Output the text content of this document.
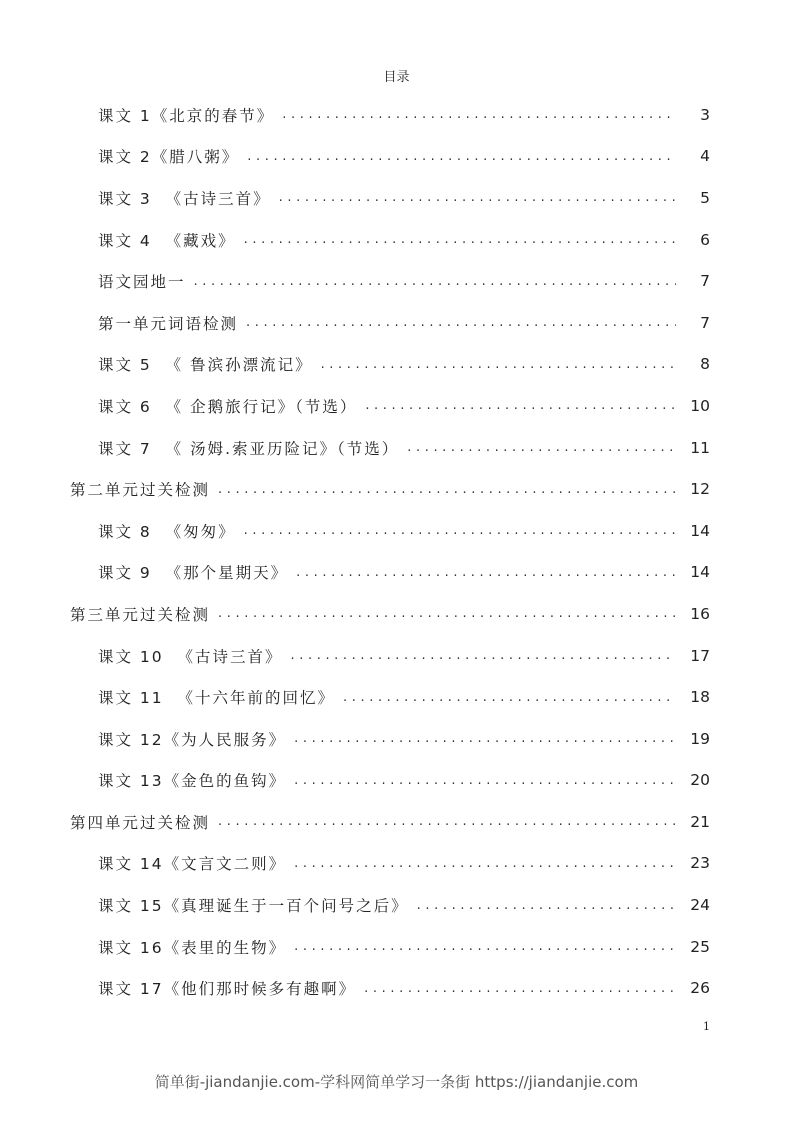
目录
课文 1《北京的春节》 .....	3
课文 2《腊八粥》 .....	4
课文 3  《古诗三首》 .....	5
课文 4  《藏戏》 .....	6
语文园地一 .....	7
第一单元词语检测 .....	7
课文 5  《 鲁滨孙漂流记》 .....	8
课文 6  《 企鹅旅行记》（节选） .....	10
课文 7  《 汤姆.索亚历险记》（节选） .....	11
第二单元过关检测 .....	12
课文 8  《匆匆》 .....	14
课文 9  《那个星期天》 .....	14
第三单元过关检测 .....	16
课文 10  《古诗三首》 .....	17
课文 11  《十六年前的回忆》 .....	18
课文 12《为人民服务》 .....	19
课文 13《金色的鱼钩》 .....	20
第四单元过关检测 .....	21
课文 14《文言文二则》 .....	23
课文 15《真理诞生于一百个问号之后》 .....	24
课文 16《表里的生物》 .....	25
课文 17《他们那时候多有趣啊》 .....	26
1
简单街-jiandanjie.com-学科网简单学习一条街 https://jiandanjie.com
